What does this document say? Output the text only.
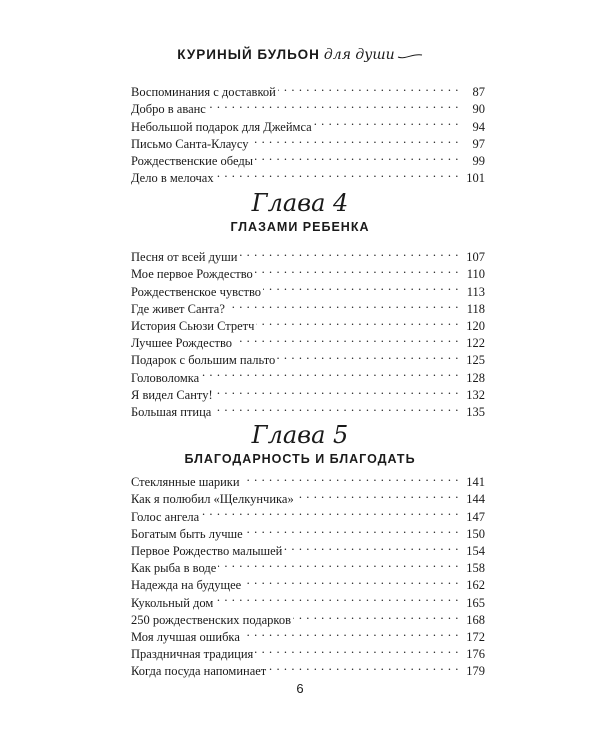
КУРИНЫЙ БУЛЬОН для души
Воспоминания с доставкой . . .	87
Добро в аванс . . .	90
Небольшой подарок для Джеймса . . .	94
Письмо Санта-Клаусу . . .	97
Рождественские обеды . . .	99
Дело в мелочах . . .	101
Глава 4
ГЛАЗАМИ РЕБЕНКА
Песня от всей души . . .	107
Мое первое Рождество . . .	110
Рождественское чувство . . .	113
Где живет Санта? . . .	118
История Сьюзи Стретч . . .	120
Лучшее Рождество . . .	122
Подарок с большим пальто . . .	125
Головоломка . . .	128
Я видел Санту! . . .	132
Большая птица . . .	135
Глава 5
БЛАГОДАРНОСТЬ И БЛАГОДАТЬ
Стеклянные шарики . . .	141
Как я полюбил «Щелкунчика» . . .	144
Голос ангела . . .	147
Богатым быть лучше . . .	150
Первое Рождество малышей . . .	154
Как рыба в воде . . .	158
Надежда на будущее . . .	162
Кукольный дом . . .	165
250 рождественских подарков . . .	168
Моя лучшая ошибка . . .	172
Праздничная традиция . . .	176
Когда посуда напоминает . . .	179
6
